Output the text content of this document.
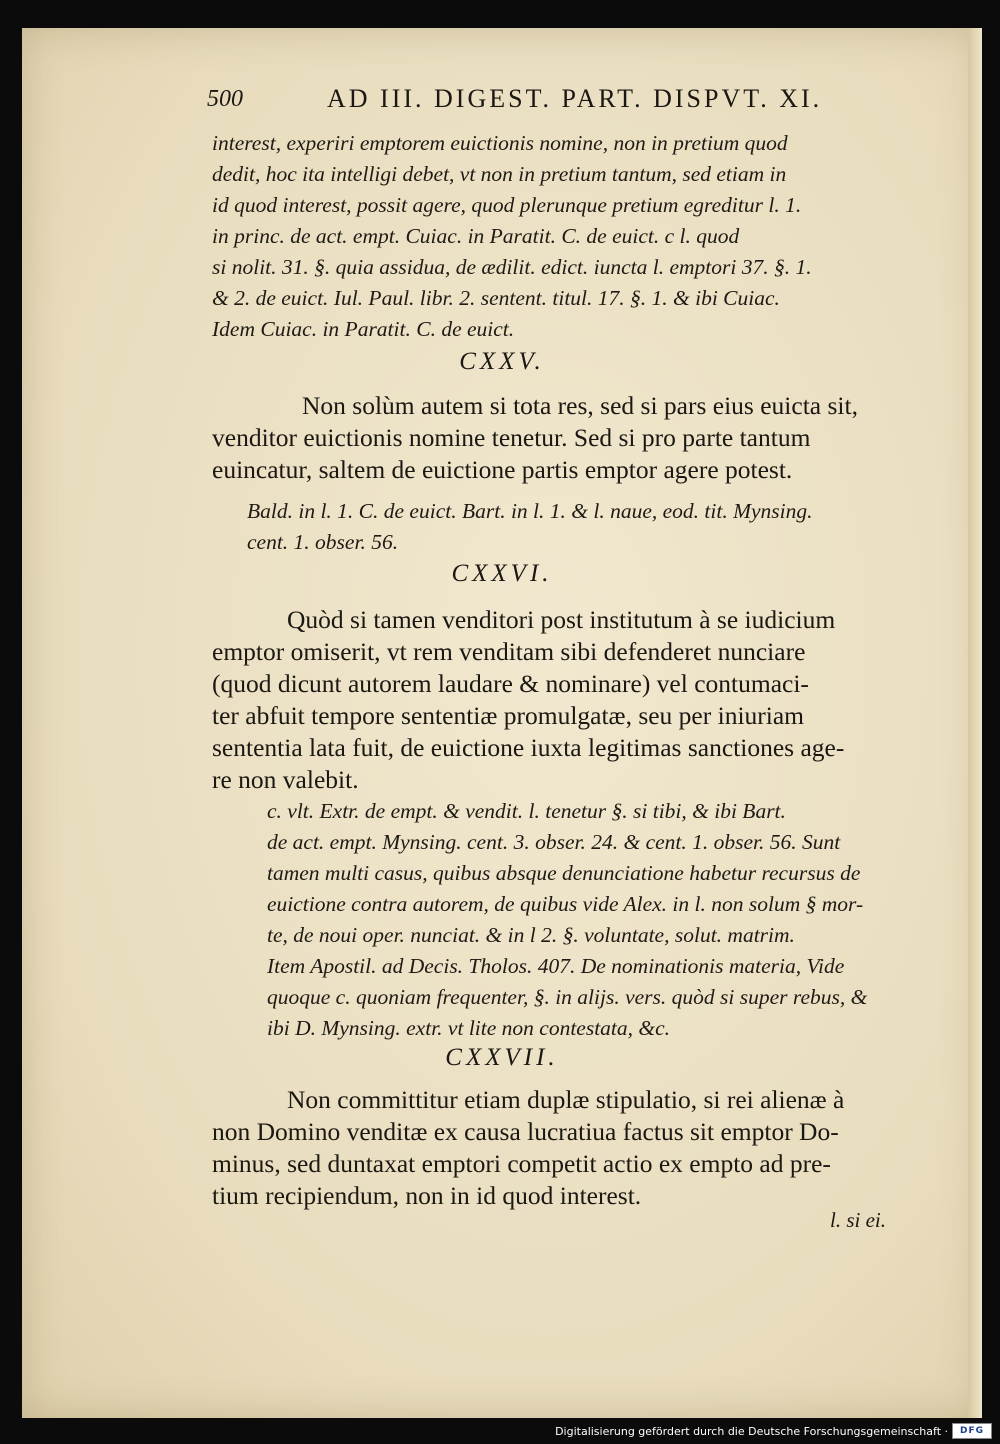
500	AD III. DIGEST. PART. DISPVT. XI.

interest, experiri emptorem euictionis nomine, non in pretium quod

dedit, hoc ita intelligi debet, vt non in pretium tantum, sed etiam in

id quod interest, possit agere, quod plerunque pretium egreditur l. 1.

in princ. de act. empt. Cuiac. in Paratit. C. de euict. c l. quod

si nolit. 31. §. quia assidua, de ædilit. edict. iuncta l. emptori 37. §. 1.

& 2. de euict. Iul. Paul. libr. 2. sentent. titul. 17. §. 1. & ibi Cuiac.

Idem Cuiac. in Paratit. C. de euict.

CXXV.

Non solùm autem si tota res, sed si pars eius euicta sit,

venditor euictionis nomine tenetur. Sed si pro parte tantum

euincatur, saltem de euictione partis emptor agere potest.

Bald. in l. 1. C. de euict. Bart. in l. 1. & l. naue, eod. tit. Mynsing.

cent. 1. obser. 56.

CXXVI.

Quòd si tamen venditori post institutum à se iudicium

emptor omiserit, vt rem venditam sibi defenderet nunciare

(quod dicunt autorem laudare & nominare) vel contumaci-

ter abfuit tempore sententiæ promulgatæ, seu per iniuriam

sententia lata fuit, de euictione iuxta legitimas sanctiones age-

re non valebit.

c. vlt. Extr. de empt. & vendit. l. tenetur §. si tibi, & ibi Bart.

de act. empt. Mynsing. cent. 3. obser. 24. & cent. 1. obser. 56. Sunt

tamen multi casus, quibus absque denunciatione habetur recursus de

euictione contra autorem, de quibus vide Alex. in l. non solum § mor-

te, de noui oper. nunciat. & in l 2. §. voluntate, solut. matrim.

Item Apostil. ad Decis. Tholos. 407. De nominationis materia, Vide

quoque c. quoniam frequenter, §. in alijs. vers. quòd si super rebus, &

ibi D. Mynsing. extr. vt lite non contestata, &c.

CXXVII.

Non committitur etiam duplæ stipulatio, si rei alienæ à

non Domino venditæ ex causa lucratiua factus sit emptor Do-

minus, sed duntaxat emptori competit actio ex empto ad pre-

tium recipiendum, non in id quod interest.

l. si ei.
Digitalisierung gefördert durch die Deutsche Forschungsgemeinschaft ·	DFG
